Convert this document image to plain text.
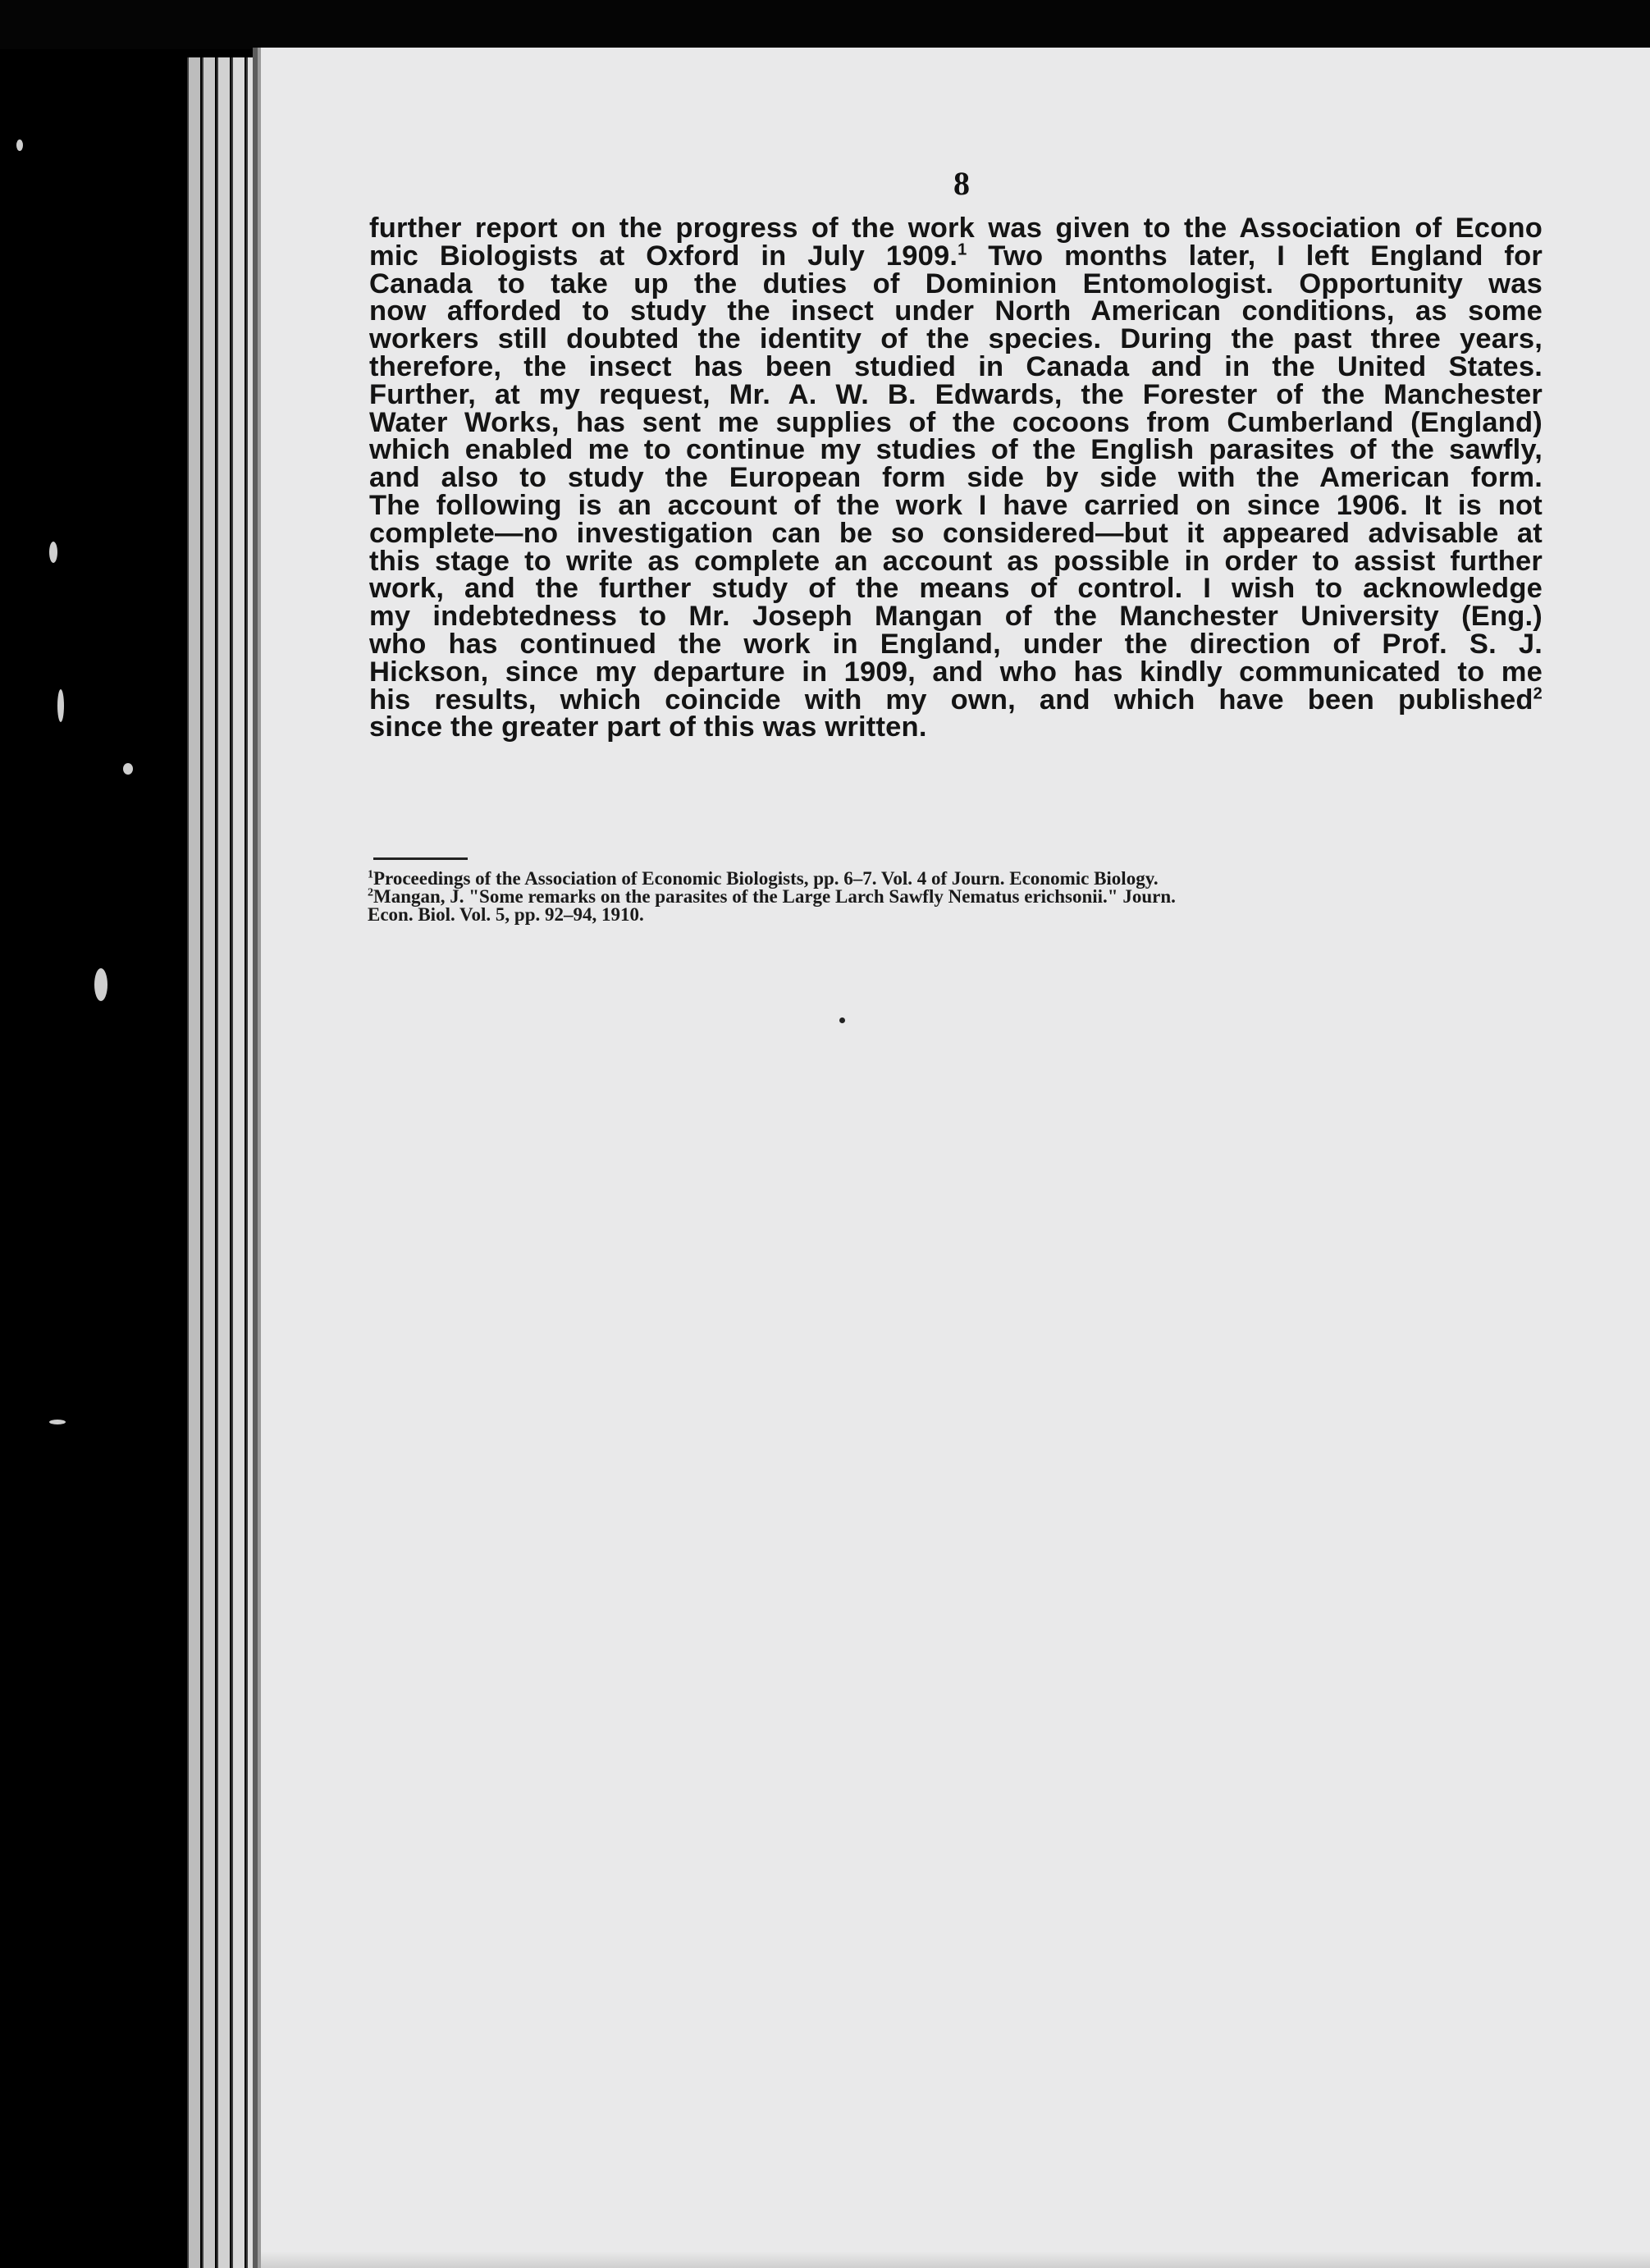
8
further report on the progress of the work was given to the Association of Econo
mic Biologists at Oxford in July 1909.$^1$ Two months later, I left England for
Canada to take up the duties of Dominion Entomologist. Opportunity was
now afforded to study the insect under North American conditions, as some
workers still doubted the identity of the species. During the past three years,
therefore, the insect has been studied in Canada and in the United States.
Further, at my request, Mr. A. W. B. Edwards, the Forester of the Manchester
Water Works, has sent me supplies of the cocoons from Cumberland (England)
which enabled me to continue my studies of the English parasites of the sawfly,
and also to study the European form side by side with the American form.
The following is an account of the work I have carried on since 1906. It is not
complete—no investigation can be so considered—but it appeared advisable at
this stage to write as complete an account as possible in order to assist further
work, and the further study of the means of control. I wish to acknowledge
my indebtedness to Mr. Joseph Mangan of the Manchester University (Eng.)
who has continued the work in England, under the direction of Prof. S. J.
Hickson, since my departure in 1909, and who has kindly communicated to me
his results, which coincide with my own, and which have been published$^2$
since the greater part of this was written.
$^1$Proceedings of the Association of Economic Biologists, pp. 6–7. Vol. 4 of Journ. Economic Biology.
$^2$Mangan, J. "Some remarks on the parasites of the Large Larch Sawfly Nematus erichsonii." Journ.
Econ. Biol. Vol. 5, pp. 92–94, 1910.
